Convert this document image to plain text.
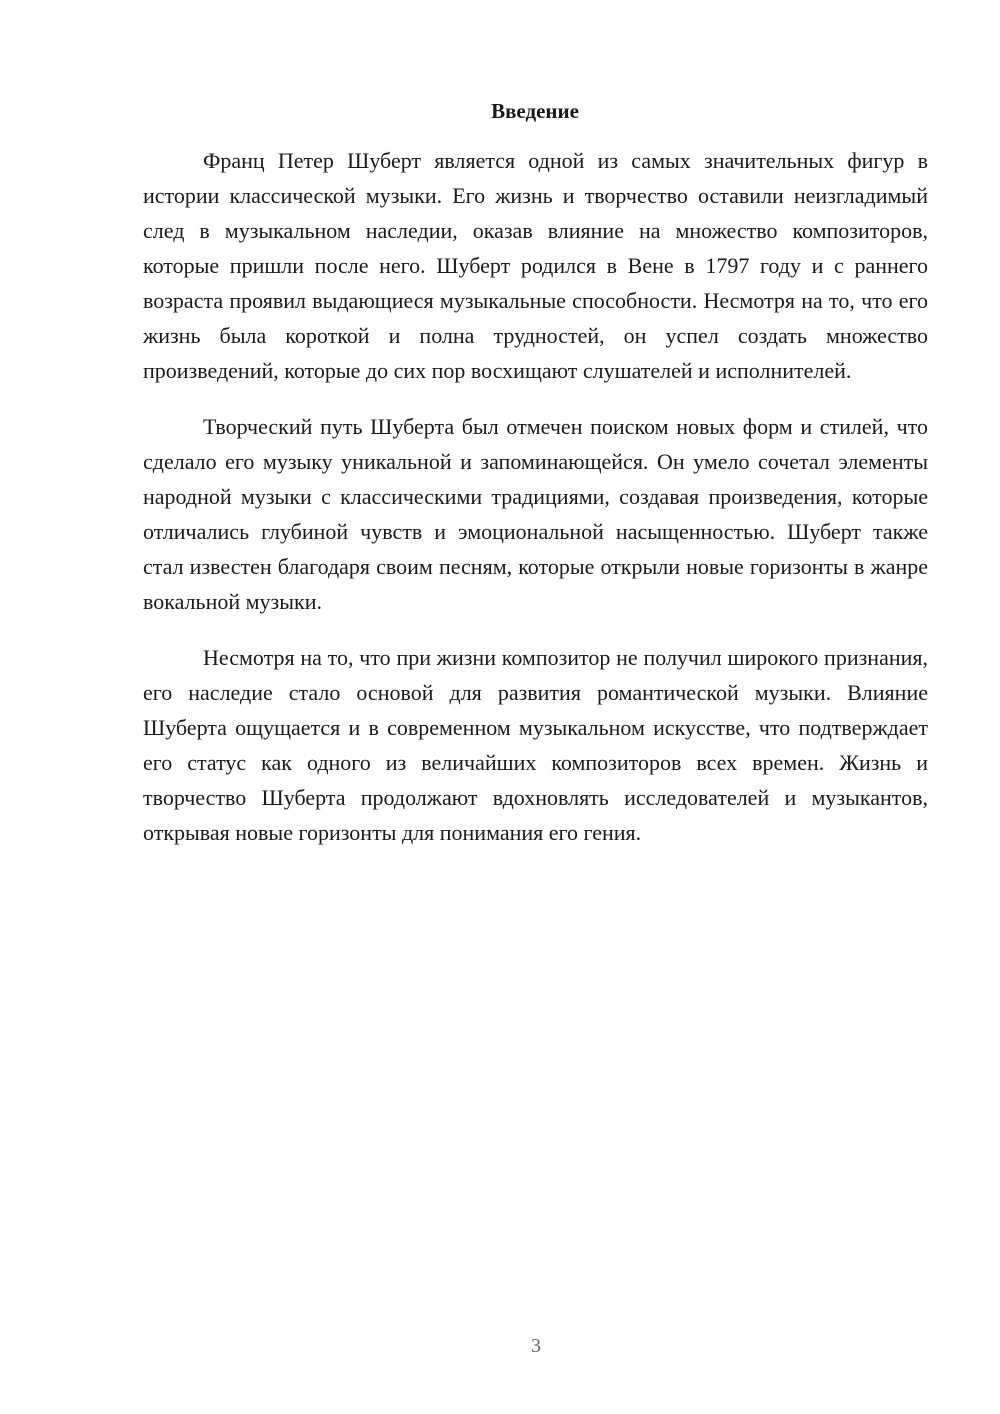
Введение

Франц Петер Шуберт является одной из самых значительных фигур в истории классической музыки. Его жизнь и творчество оставили неизгладимый след в музыкальном наследии, оказав влияние на множество композиторов, которые пришли после него. Шуберт родился в Вене в 1797 году и с раннего возраста проявил выдающиеся музыкальные способности. Несмотря на то, что его жизнь была короткой и полна трудностей, он успел создать множество произведений, которые до сих пор восхищают слушателей и исполнителей.

Творческий путь Шуберта был отмечен поиском новых форм и стилей, что сделало его музыку уникальной и запоминающейся. Он умело сочетал элементы народной музыки с классическими традициями, создавая произведения, которые отличались глубиной чувств и эмоциональной насыщенностью. Шуберт также стал известен благодаря своим песням, которые открыли новые горизонты в жанре вокальной музыки.

Несмотря на то, что при жизни композитор не получил широкого признания, его наследие стало основой для развития романтической музыки. Влияние Шуберта ощущается и в современном музыкальном искусстве, что подтверждает его статус как одного из величайших композиторов всех времен. Жизнь и творчество Шуберта продолжают вдохновлять исследователей и музыкантов, открывая новые горизонты для понимания его гения.

3
